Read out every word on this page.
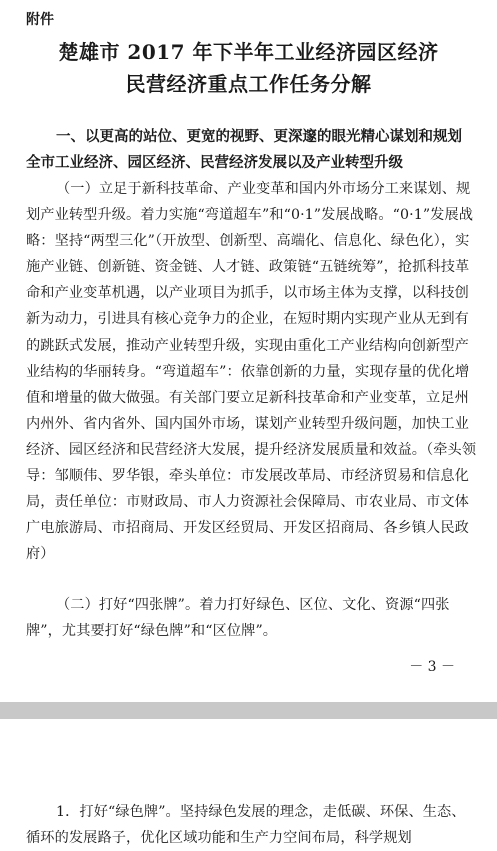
附件
楚雄市 2017 年下半年工业经济园区经济
民营经济重点工作任务分解
一、以更高的站位、更宽的视野、更深邃的眼光精心谋划和规划全市工业经济、园区经济、民营经济发展以及产业转型升级
（一）立足于新科技革命、产业变革和国内外市场分工来谋划、规划产业转型升级。着力实施“弯道超车”和“0·1”发展战略。“0·1”发展战略：坚持“两型三化”（开放型、创新型、高端化、信息化、绿色化），实施产业链、创新链、资金链、人才链、政策链“五链统筹”，抢抓科技革命和产业变革机遇，以产业项目为抓手，以市场主体为支撑，以科技创新为动力，引进具有核心竞争力的企业，在短时期内实现产业从无到有的跳跃式发展，推动产业转型升级，实现由重化工产业结构向创新型产业结构的华丽转身。“弯道超车”：依靠创新的力量，实现存量的优化增值和增量的做大做强。有关部门要立足新科技革命和产业变革，立足州内州外、省内省外、国内国外市场，谋划产业转型升级问题，加快工业经济、园区经济和民营经济大发展，提升经济发展质量和效益。（牵头领导：邹顺伟、罗华银，牵头单位：市发展改革局、市经济贸易和信息化局，责任单位：市财政局、市人力资源社会保障局、市农业局、市文体广电旅游局、市招商局、开发区经贸局、开发区招商局、各乡镇人民政府）
（二）打好“四张牌”。着力打好绿色、区位、文化、资源“四张牌”，尤其要打好“绿色牌”和“区位牌”。
－ 3 －
1．打好“绿色牌”。坚持绿色发展的理念，走低碳、环保、生态、循环的发展路子，优化区域功能和生产力空间布局，科学规划
